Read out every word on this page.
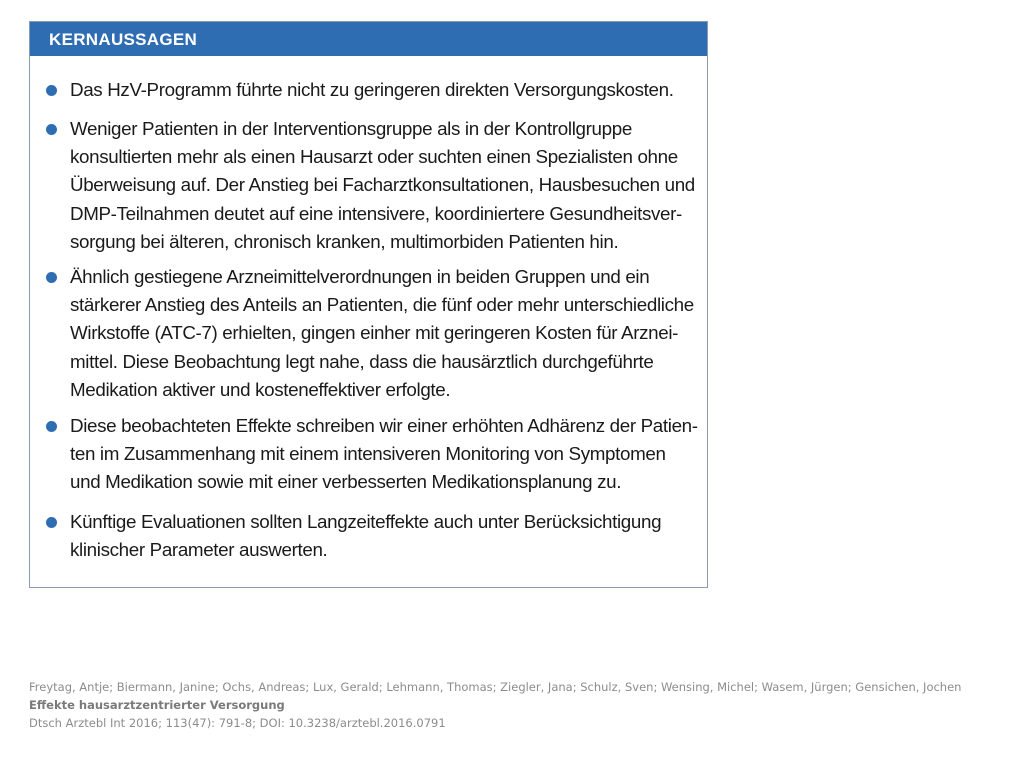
KERNAUSSAGEN
Das HzV-Programm führte nicht zu geringeren direkten Versorgungskosten.
Weniger Patienten in der Interventionsgruppe als in der Kontrollgruppe
konsultierten mehr als einen Hausarzt oder suchten einen Spezialisten ohne
Überweisung auf. Der Anstieg bei Facharztkonsultationen, Hausbesuchen und
DMP-Teilnahmen deutet auf eine intensivere, koordiniertere Gesundheitsver-
sorgung bei älteren, chronisch kranken, multimorbiden Patienten hin.
Ähnlich gestiegene Arzneimittelverordnungen in beiden Gruppen und ein
stärkerer Anstieg des Anteils an Patienten, die fünf oder mehr unterschiedliche
Wirkstoffe (ATC-7) erhielten, gingen einher mit geringeren Kosten für Arznei-
mittel. Diese Beobachtung legt nahe, dass die hausärztlich durchgeführte
Medikation aktiver und kosteneffektiver erfolgte.
Diese beobachteten Effekte schreiben wir einer erhöhten Adhärenz der Patien-
ten im Zusammenhang mit einem intensiveren Monitoring von Symptomen
und Medikation sowie mit einer verbesserten Medikationsplanung zu.
Künftige Evaluationen sollten Langzeiteffekte auch unter Berücksichtigung
klinischer Parameter auswerten.
Freytag, Antje; Biermann, Janine; Ochs, Andreas; Lux, Gerald; Lehmann, Thomas; Ziegler, Jana; Schulz, Sven; Wensing, Michel; Wasem, Jürgen; Gensichen, Jochen
Effekte hausarztzentrierter Versorgung
Dtsch Arztebl Int 2016; 113(47): 791-8; DOI: 10.3238/arztebl.2016.0791
